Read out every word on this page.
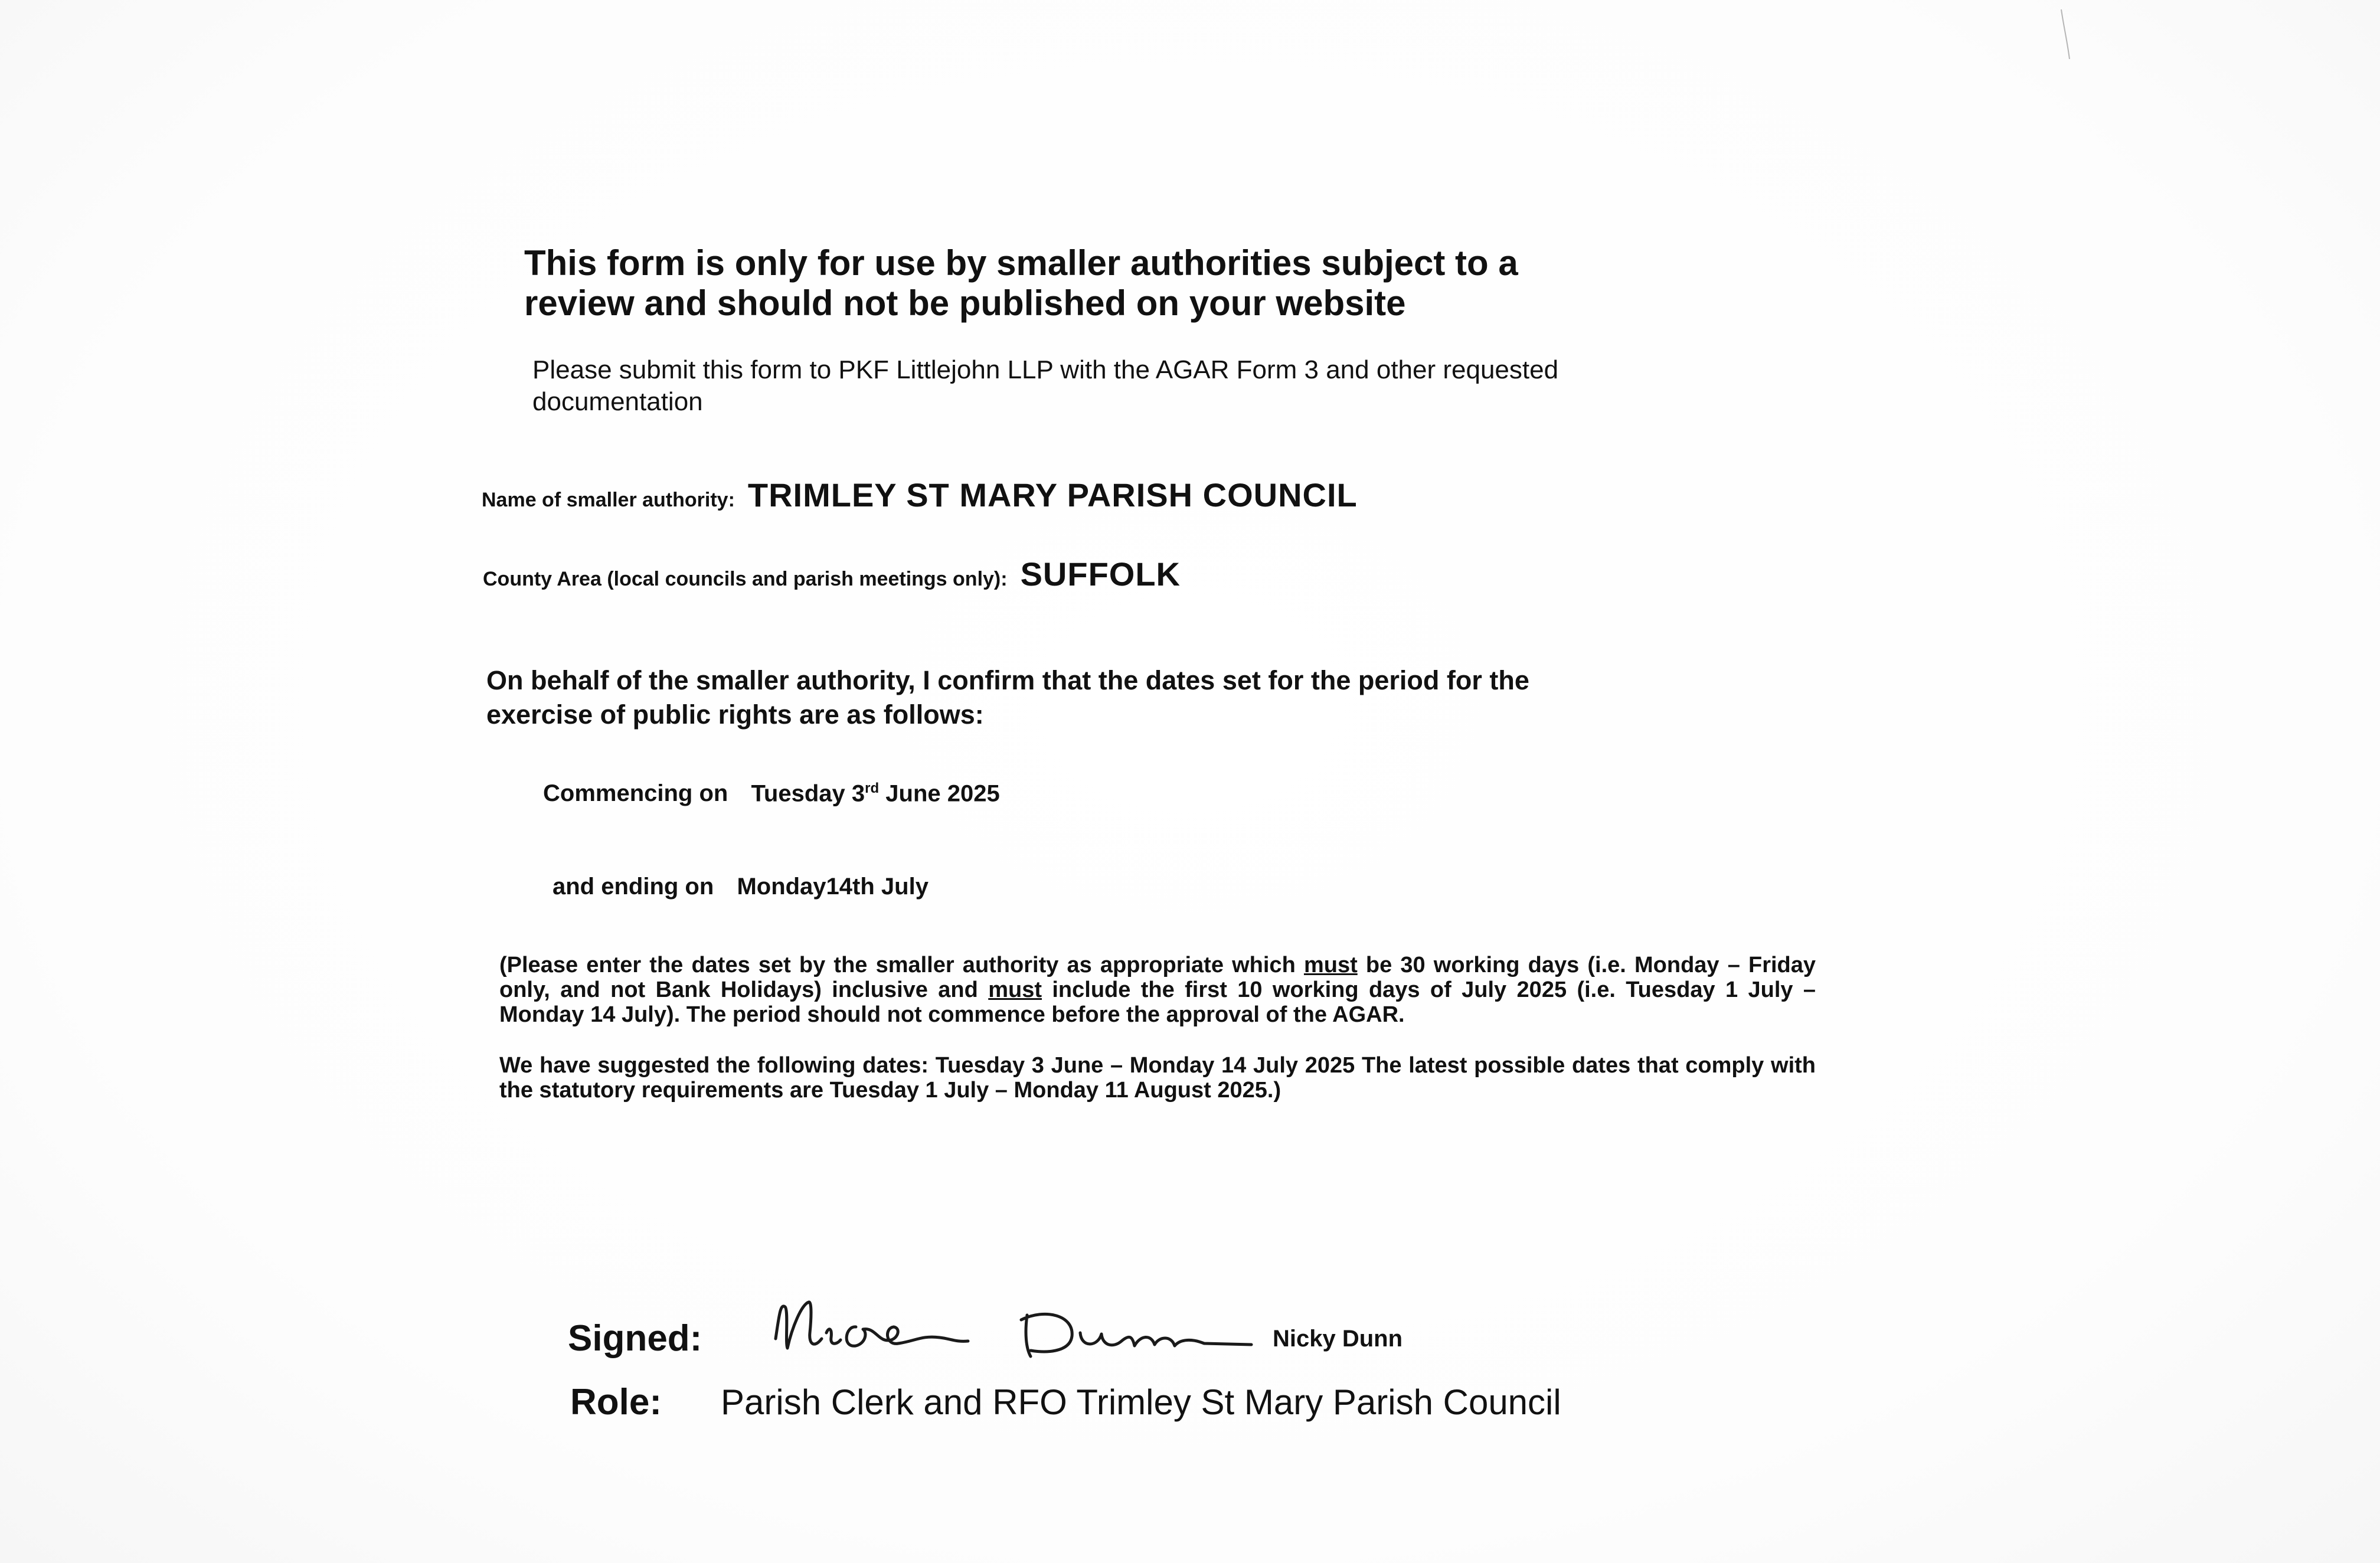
This form is only for use by smaller authorities subject to a
review and should not be published on your website
Please submit this form to PKF Littlejohn LLP with the AGAR Form 3 and other requested
documentation
Name of smaller authority: TRIMLEY ST MARY PARISH COUNCIL
County Area (local councils and parish meetings only): SUFFOLK
On behalf of the smaller authority, I confirm that the dates set for the period for the
exercise of public rights are as follows:
Commencing on Tuesday 3rd June 2025
and ending on Monday14th July
(Please enter the dates set by the smaller authority as appropriate which must be 30 working days (i.e. Monday – Friday only, and not Bank Holidays) inclusive and must include the first 10 working days of July 2025 (i.e. Tuesday 1 July – Monday 14 July). The period should not commence before the approval of the AGAR.
We have suggested the following dates: Tuesday 3 June – Monday 14 July 2025 The latest possible dates that comply with the statutory requirements are Tuesday 1 July – Monday 11 August 2025.)
Signed:	Nicky Dunn
Role: Parish Clerk and RFO Trimley St Mary Parish Council
